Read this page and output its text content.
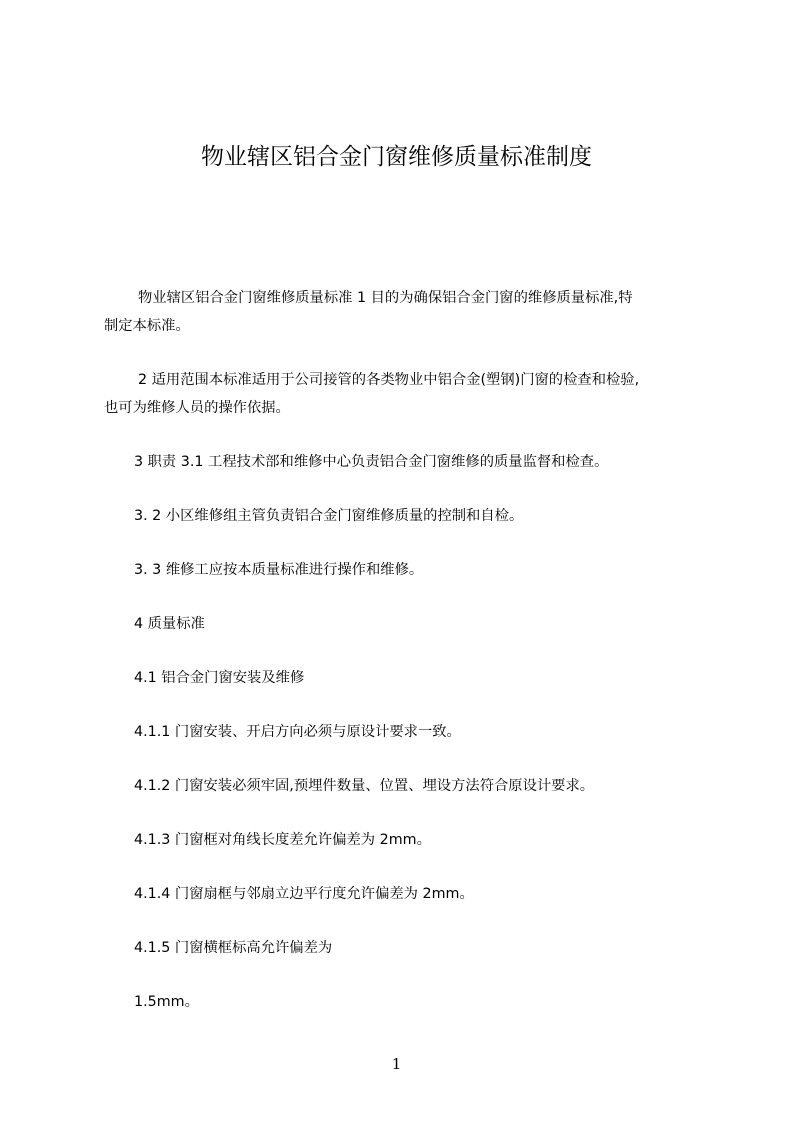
物业辖区铝合金门窗维修质量标准制度

物业辖区铝合金门窗维修质量标准 1 目的为确保铝合金门窗的维修质量标准,特
制定本标准。

2 适用范围本标准适用于公司接管的各类物业中铝合金(塑钢)门窗的检查和检验,
也可为维修人员的操作依据。

3 职责 3.1 工程技术部和维修中心负责铝合金门窗维修的质量监督和检查。

3. 2 小区维修组主管负责铝合金门窗维修质量的控制和自检。

3. 3 维修工应按本质量标准进行操作和维修。

4 质量标准

4.1 铝合金门窗安装及维修

4.1.1 门窗安装、开启方向必须与原设计要求一致。

4.1.2 门窗安装必须牢固,预埋件数量、位置、埋设方法符合原设计要求。

4.1.3 门窗框对角线长度差允许偏差为 2mm。

4.1.4 门窗扇框与邻扇立边平行度允许偏差为 2mm。

4.1.5 门窗横框标高允许偏差为

1.5mm。

1
